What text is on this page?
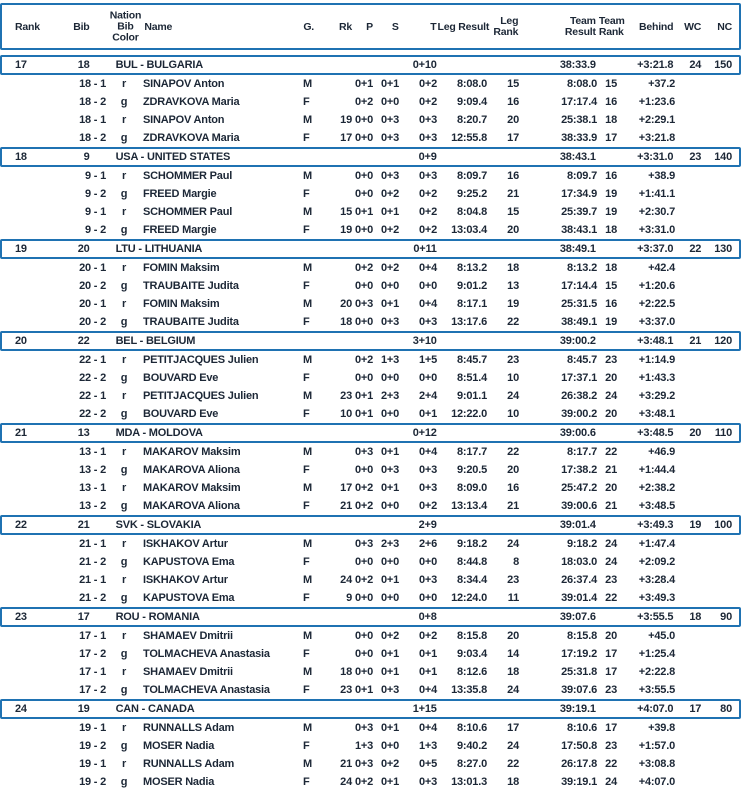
Rank	Bib
Nation
Bib
Color
Name	G.	Rk	P	S	T Leg Result	Leg
Rank
Team
Result
Team
Rank	Behind	WC	NC
17	18	BUL - BULGARIA	0+10	38:33.9	+3:21.8	24	150
18 - 1	r	SINAPOV Anton	M	0+1 0+1	0+2	8:08.0	15	8:08.0 15	+37.2
18 - 2	g	ZDRAVKOVA Maria	F	0+2 0+0	0+2	9:09.4	16	17:17.4 16	+1:23.6
18 - 1	r	SINAPOV Anton	M	19 0+0 0+3	0+3	8:20.7	20	25:38.1 18	+2:29.1
18 - 2	g	ZDRAVKOVA Maria	F	17 0+0 0+3	0+3	12:55.8	17	38:33.9 17	+3:21.8
18	9	USA - UNITED STATES	0+9	38:43.1	+3:31.0	23	140
9 - 1	r	SCHOMMER Paul	M	0+0 0+3	0+3	8:09.7	16	8:09.7 16	+38.9
9 - 2	g	FREED Margie	F	0+0 0+2	0+2	9:25.2	21	17:34.9 19	+1:41.1
9 - 1	r	SCHOMMER Paul	M	15 0+1 0+1	0+2	8:04.8	15	25:39.7 19	+2:30.7
9 - 2	g	FREED Margie	F	19 0+0 0+2	0+2	13:03.4	20	38:43.1 18	+3:31.0
19	20	LTU - LITHUANIA	0+11	38:49.1	+3:37.0	22	130
20 - 1	r	FOMIN Maksim	M	0+2 0+2	0+4	8:13.2	18	8:13.2 18	+42.4
20 - 2	g	TRAUBAITE Judita	F	0+0 0+0	0+0	9:01.2	13	17:14.4 15	+1:20.6
20 - 1	r	FOMIN Maksim	M	20 0+3 0+1	0+4	8:17.1	19	25:31.5 16	+2:22.5
20 - 2	g	TRAUBAITE Judita	F	18 0+0 0+3	0+3	13:17.6	22	38:49.1 19	+3:37.0
20	22	BEL - BELGIUM	3+10	39:00.2	+3:48.1	21	120
22 - 1	r	PETITJACQUES Julien	M	0+2 1+3	1+5	8:45.7	23	8:45.7 23	+1:14.9
22 - 2	g	BOUVARD Eve	F	0+0 0+0	0+0	8:51.4	10	17:37.1 20	+1:43.3
22 - 1	r	PETITJACQUES Julien	M	23 0+1 2+3	2+4	9:01.1	24	26:38.2 24	+3:29.2
22 - 2	g	BOUVARD Eve	F	10 0+1 0+0	0+1	12:22.0	10	39:00.2 20	+3:48.1
21	13	MDA - MOLDOVA	0+12	39:00.6	+3:48.5	20	110
13 - 1	r	MAKAROV Maksim	M	0+3 0+1	0+4	8:17.7	22	8:17.7 22	+46.9
13 - 2	g	MAKAROVA Aliona	F	0+0 0+3	0+3	9:20.5	20	17:38.2 21	+1:44.4
13 - 1	r	MAKAROV Maksim	M	17 0+2 0+1	0+3	8:09.0	16	25:47.2 20	+2:38.2
13 - 2	g	MAKAROVA Aliona	F	21 0+2 0+0	0+2	13:13.4	21	39:00.6 21	+3:48.5
22	21	SVK - SLOVAKIA	2+9	39:01.4	+3:49.3	19	100
21 - 1	r	ISKHAKOV Artur	M	0+3 2+3	2+6	9:18.2	24	9:18.2 24	+1:47.4
21 - 2	g	KAPUSTOVA Ema	F	0+0 0+0	0+0	8:44.8	8	18:03.0 24	+2:09.2
21 - 1	r	ISKHAKOV Artur	M	24 0+2 0+1	0+3	8:34.4	23	26:37.4 23	+3:28.4
21 - 2	g	KAPUSTOVA Ema	F	9 0+0 0+0	0+0	12:24.0	11	39:01.4 22	+3:49.3
23	17	ROU - ROMANIA	0+8	39:07.6	+3:55.5	18	90
17 - 1	r	SHAMAEV Dmitrii	M	0+0 0+2	0+2	8:15.8	20	8:15.8 20	+45.0
17 - 2	g	TOLMACHEVA Anastasia	F	0+0 0+1	0+1	9:03.4	14	17:19.2 17	+1:25.4
17 - 1	r	SHAMAEV Dmitrii	M	18 0+0 0+1	0+1	8:12.6	18	25:31.8 17	+2:22.8
17 - 2	g	TOLMACHEVA Anastasia	F	23 0+1 0+3	0+4	13:35.8	24	39:07.6 23	+3:55.5
24	19	CAN - CANADA	1+15	39:19.1	+4:07.0	17	80
19 - 1	r	RUNNALLS Adam	M	0+3 0+1	0+4	8:10.6	17	8:10.6 17	+39.8
19 - 2	g	MOSER Nadia	F	1+3 0+0	1+3	9:40.2	24	17:50.8 23	+1:57.0
19 - 1	r	RUNNALLS Adam	M	21 0+3 0+2	0+5	8:27.0	22	26:17.8 22	+3:08.8
19 - 2	g	MOSER Nadia	F	24 0+2 0+1	0+3	13:01.3	18	39:19.1 24	+4:07.0
